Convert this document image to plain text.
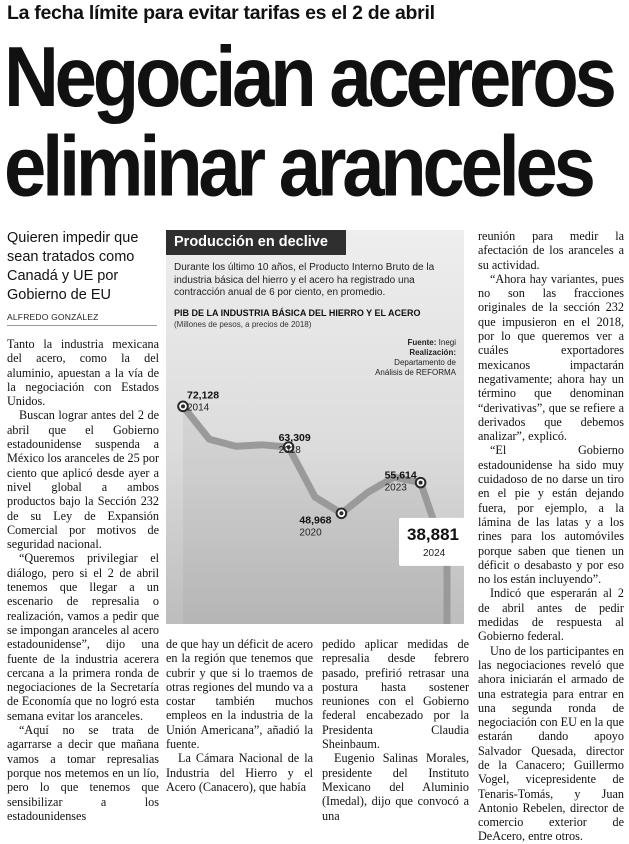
La fecha límite para evitar tarifas es el 2 de abril
Negocian acereros
eliminar aranceles
Quieren impedir que sean tratados como Canadá y UE por Gobierno de EU
ALFREDO GONZÁLEZ

Tanto la industria mexicana del acero, como la del aluminio, apuestan a la vía de la negociación con Estados Unidos.

Buscan lograr antes del 2 de abril que el Gobierno estadounidense suspenda a México los aranceles de 25 por ciento que aplicó desde ayer a nivel global a ambos productos bajo la Sección 232 de su Ley de Expansión Comercial por motivos de seguridad nacional.

“Queremos privilegiar el diálogo, pero si el 2 de abril tenemos que llegar a un escenario de represalia o realización, vamos a pedir que se impongan aranceles al acero estadounidense”, dijo una fuente de la industria acerera cercana a la primera ronda de negociaciones de la Secretaría de Economía que no logró esta semana evitar los aranceles.

“Aquí no se trata de agarrarse a decir que mañana vamos a tomar represalias porque nos metemos en un lío, pero lo que tenemos que sensibilizar a los estadounidenses

72,128
2014
63,309
2018
48,968
2020
55,614
2023
38,881
2024
Producción en declive
Durante los último 10 años, el Producto Interno Bruto de la industria básica del hierro y el acero ha registrado una contracción anual de 6 por ciento, en promedio.
PIB DE LA INDUSTRIA BÁSICA DEL HIERRO Y EL ACERO
(Millones de pesos, a precios de 2018)
Fuente: Inegi
Realización:
Departamento de Análisis de REFORMA

de que hay un déficit de acero en la región que tenemos que cubrir y que si lo traemos de otras regiones del mundo va a costar también muchos empleos en la industria de la Unión Americana”, añadió la fuente.

La Cámara Nacional de la Industria del Hierro y el Acero (Canacero), que había

pedido aplicar medidas de represalia desde febrero pasado, prefirió retrasar una postura hasta sostener reuniones con el Gobierno federal encabezado por la Presidenta Claudia Sheinbaum.

Eugenio Salinas Morales, presidente del Instituto Mexicano del Aluminio (Imedal), dijo que convocó a una

reunión para medir la afectación de los aranceles a su actividad.

“Ahora hay variantes, pues no son las fracciones originales de la sección 232 que impusieron en el 2018, por lo que queremos ver a cuáles exportadores mexicanos impactarán negativamente; ahora hay un término que denominan “derivativas”, que se refiere a derivados que debemos analizar”, explicó.

“El Gobierno estadounidense ha sido muy cuidadoso de no darse un tiro en el pie y están dejando fuera, por ejemplo, a la lámina de las latas y a los rines para los automóviles porque saben que tienen un déficit o desabasto y por eso no los están incluyendo”.

Indicó que esperarán al 2 de abril antes de pedir medidas de respuesta al Gobierno federal.

Uno de los participantes en las negociaciones reveló que ahora iniciarán el armado de una estrategia para entrar en una segunda ronda de negociación con EU en la que estarán dando apoyo Salvador Quesada, director de la Canacero; Guillermo Vogel, vicepresidente de Tenaris-Tomás, y Juan Antonio Rebelen, director de comercio exterior de DeAcero, entre otros.
